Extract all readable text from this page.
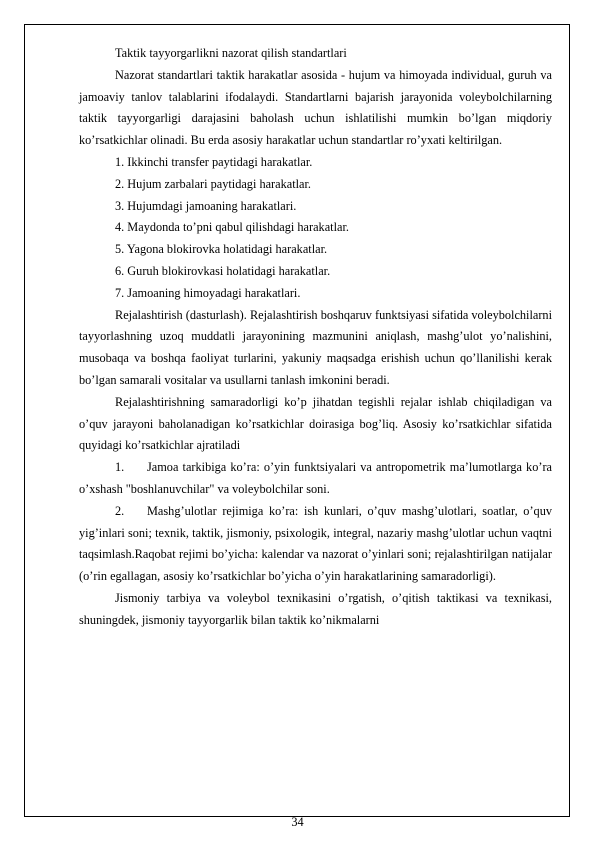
Taktik tayyorgarlikni nazorat qilish standartlari

Nazorat standartlari taktik harakatlar asosida - hujum va himoyada individual, guruh va jamoaviy tanlov talablarini ifodalaydi. Standartlarni bajarish jarayonida voleybolchilarning taktik tayyorgarligi darajasini baholash uchun ishlatilishi mumkin bo’lgan miqdoriy ko’rsatkichlar olinadi. Bu erda asosiy harakatlar uchun standartlar ro’yxati keltirilgan.

1. Ikkinchi transfer paytidagi harakatlar.

2. Hujum zarbalari paytidagi harakatlar.

3. Hujumdagi jamoaning harakatlari.

4. Maydonda to’pni qabul qilishdagi harakatlar.

5. Yagona blokirovka holatidagi harakatlar.

6. Guruh blokirovkasi holatidagi harakatlar.

7. Jamoaning himoyadagi harakatlari.

Rejalashtirish (dasturlash). Rejalashtirish boshqaruv funktsiyasi sifatida voleybolchilarni tayyorlashning uzoq muddatli jarayonining mazmunini aniqlash, mashg’ulot yo’nalishini, musobaqa va boshqa faoliyat turlarini, yakuniy maqsadga erishish uchun qo’llanilishi kerak bo’lgan samarali vositalar va usullarni tanlash imkonini beradi.

Rejalashtirishning samaradorligi ko’p jihatdan tegishli rejalar ishlab chiqiladigan va o’quv jarayoni baholanadigan ko’rsatkichlar doirasiga bog’liq. Asosiy ko’rsatkichlar sifatida quyidagi ko’rsatkichlar ajratiladi

1. Jamoa tarkibiga ko’ra: o’yin funktsiyalari va antropometrik ma’lumotlarga ko’ra o’xshash "boshlanuvchilar" va voleybolchilar soni.

2. Mashg’ulotlar rejimiga ko’ra: ish kunlari, o’quv mashg’ulotlari, soatlar, o’quv yig’inlari soni; texnik, taktik, jismoniy, psixologik, integral, nazariy mashg’ulotlar uchun vaqtni taqsimlash.Raqobat rejimi bo’yicha: kalendar va nazorat o’yinlari soni; rejalashtirilgan natijalar (o’rin egallagan, asosiy ko’rsatkichlar bo’yicha o’yin harakatlarining samaradorligi).

Jismoniy tarbiya va voleybol texnikasini o’rgatish, o’qitish taktikasi va texnikasi, shuningdek, jismoniy tayyorgarlik bilan taktik ko’nikmalarni

34
